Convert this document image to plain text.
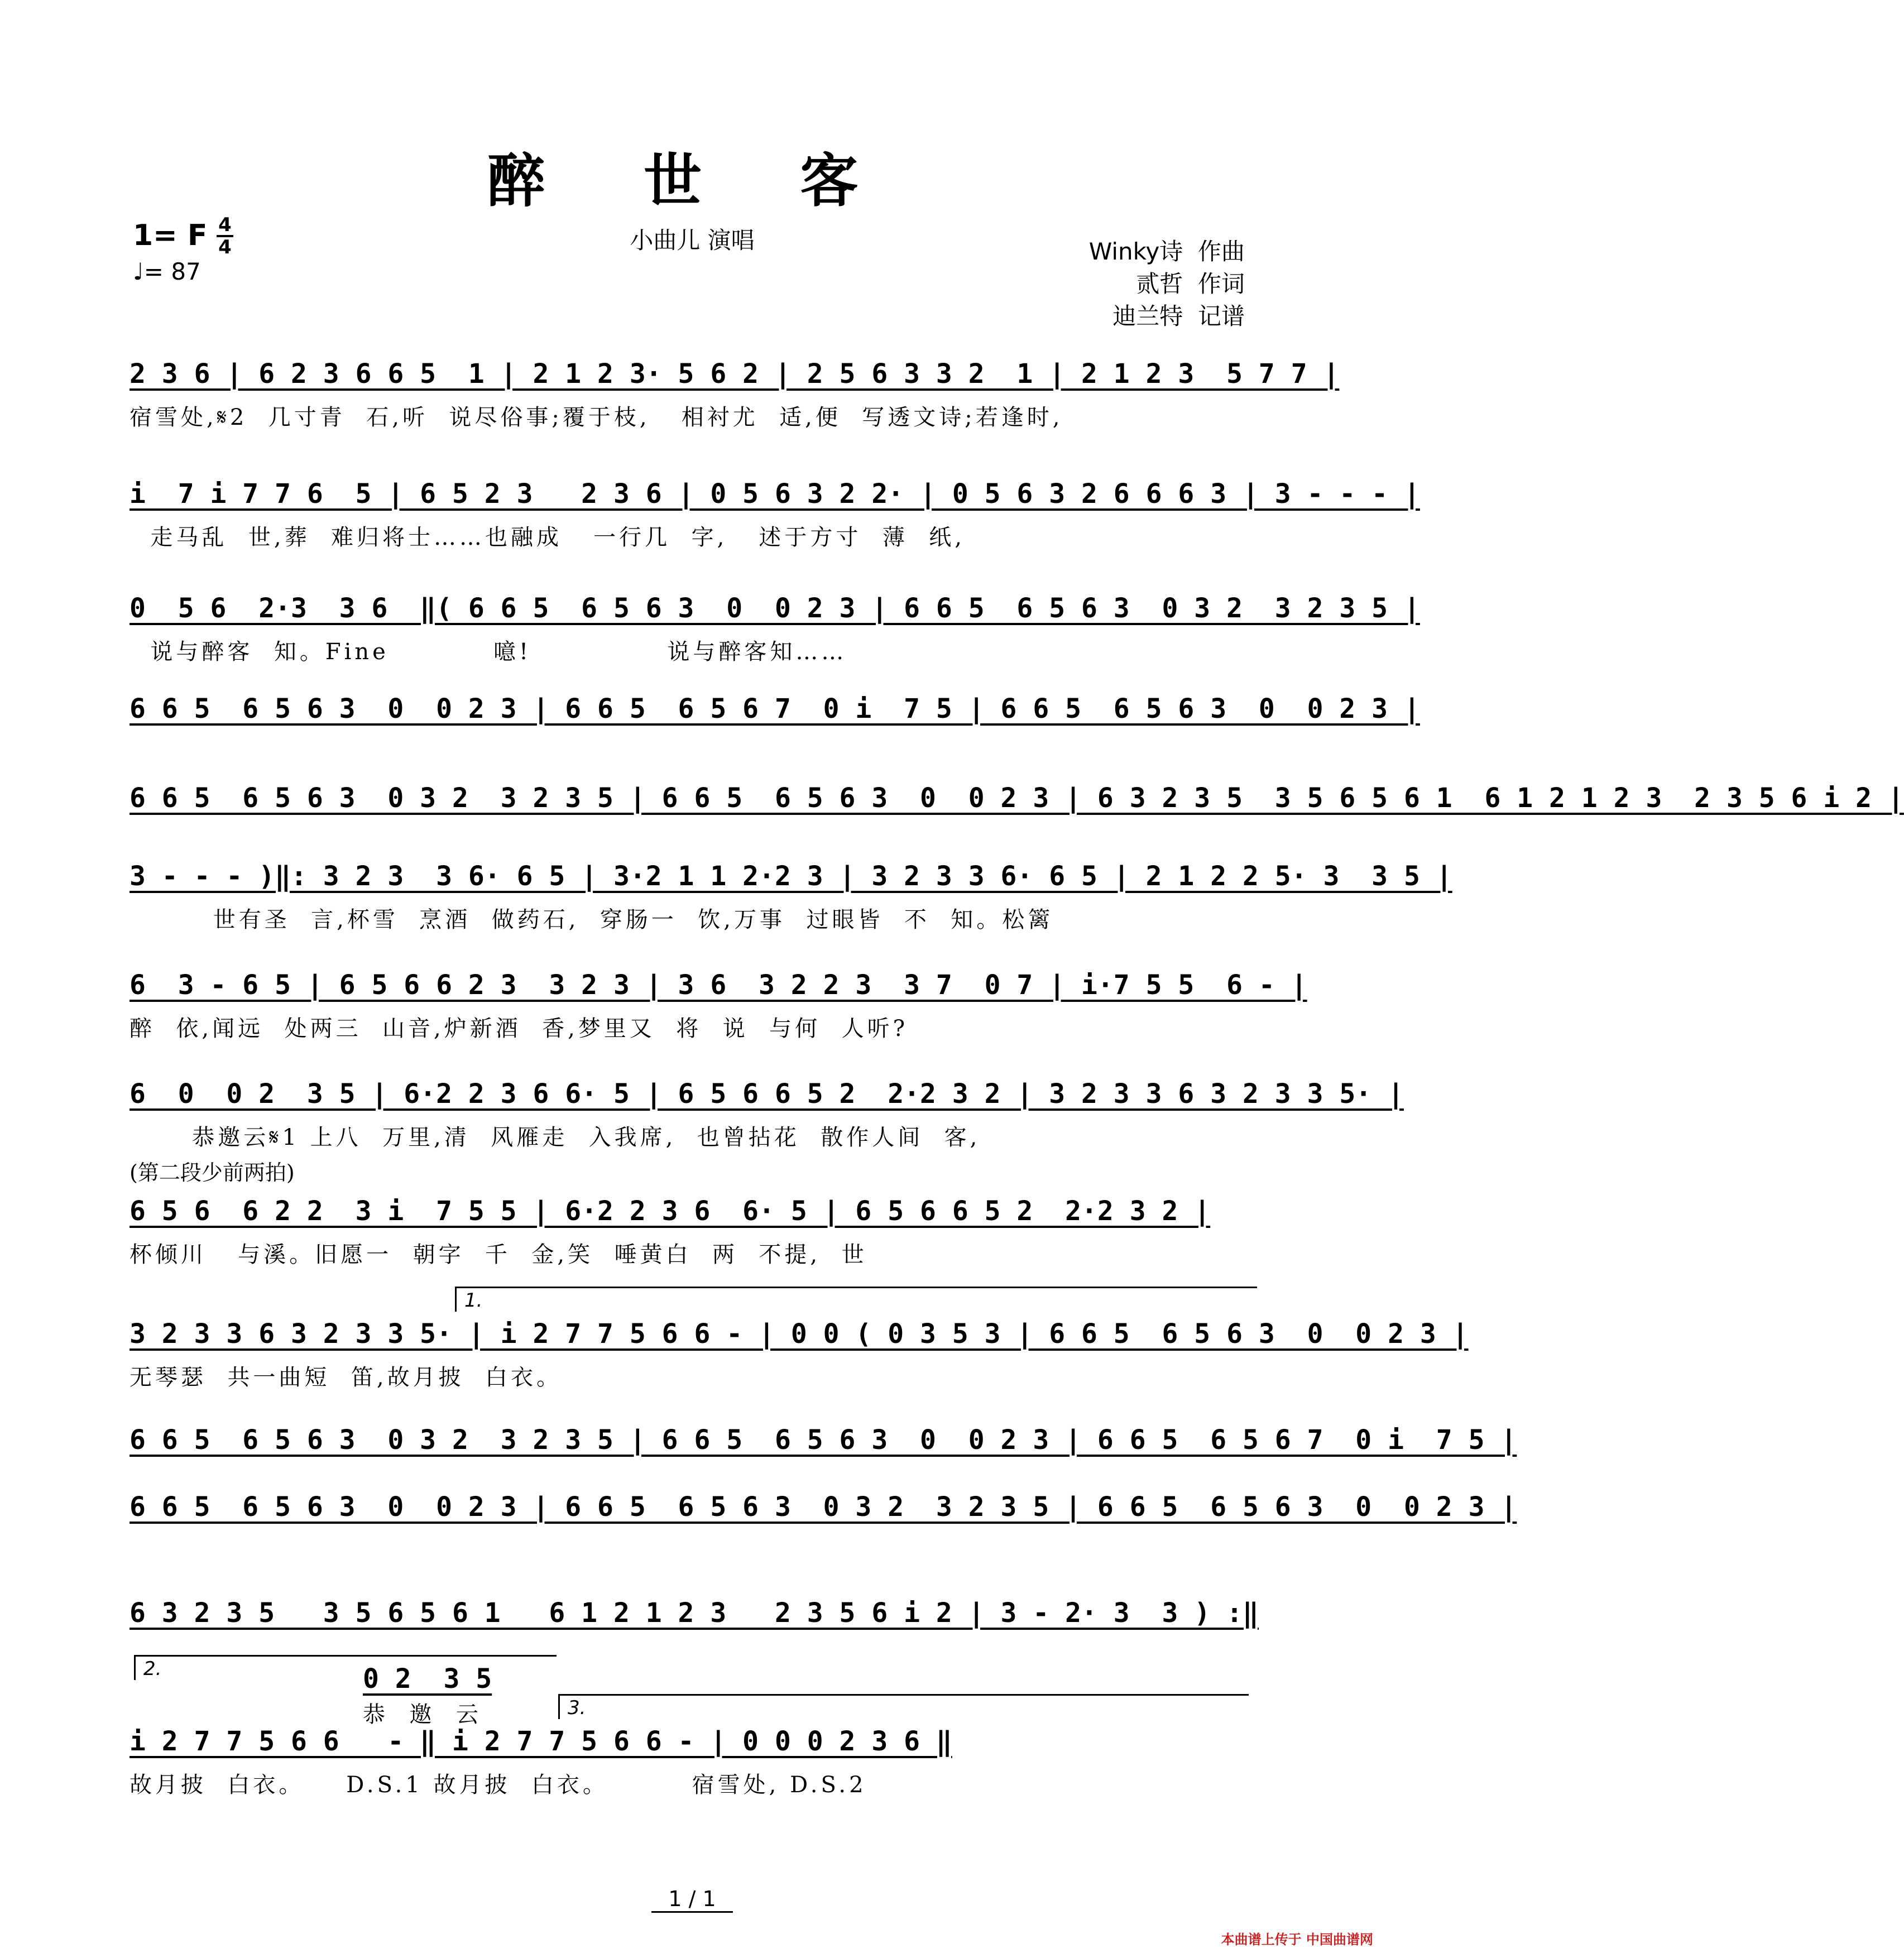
醉 世 客
小曲儿 演唱
1= F 4
4
♩= 87
Winky诗  作曲
贰哲  作词
迪兰特  记谱
2 3 6 | 6 2 3 6 6 5  1 | 2 1 2 3· 5 6 2 | 2 5 6 3 3 2  1 | 2 1 2 3  5 7 7 |
宿雪处,𝄋2  几寸青  石,听  说尽俗事;覆于枝,   相衬尤  适,便  写透文诗;若逢时,
i  7 i 7 7 6  5 | 6 5 2 3   2 3 6 | 0 5 6 3 2 2· | 0 5 6 3 2 6 6 6 3 | 3 - - - |
走马乱  世,葬  难归将士……也融成   一行几  字,   述于方寸  薄  纸,
0  5 6  2·3  3 6  ‖( 6 6 5  6 5 6 3  0  0 2 3 | 6 6 5  6 5 6 3  0 3 2  3 2 3 5 |
说与醉客  知。Fine          噫!             说与醉客知……
6 6 5  6 5 6 3  0  0 2 3 | 6 6 5  6 5 6 7  0 i  7 5 | 6 6 5  6 5 6 3  0  0 2 3 |
6 6 5  6 5 6 3  0 3 2  3 2 3 5 | 6 6 5  6 5 6 3  0  0 2 3 | 6 3 2 3 5  3 5 6 5 6 1  6 1 2 1 2 3  2 3 5 6 i 2 |
3 - - - )‖: 3 2 3  3 6· 6 5 | 3·2 1 1 2·2 3 | 3 2 3 3 6· 6 5 | 2 1 2 2 5· 3  3 5 |
世有圣  言,杯雪  烹酒  做药石,  穿肠一  饮,万事  过眼皆  不  知。松篱
6  3 - 6 5 | 6 5 6 6 2 3  3 2 3 | 3 6  3 2 2 3  3 7  0 7 | i·7 5 5  6 - |
醉  依,闻远  处两三  山音,炉新酒  香,梦里又  将  说  与何  人听?
6  0  0 2  3 5 | 6·2 2 3 6 6· 5 | 6 5 6 6 5 2  2·2 3 2 | 3 2 3 3 6 3 2 3 3 5· |
恭邀云𝄋1 上八  万里,清  风雁走  入我席,  也曾拈花  散作人间  客,
(第二段少前两拍)
6 5 6  6 2 2  3 i  7 5 5 | 6·2 2 3 6  6· 5 | 6 5 6 6 5 2  2·2 3 2 |
杯倾川   与溪。旧愿一  朝字  千  金,笑  唾黄白  两  不提,  世
1.
3 2 3 3 6 3 2 3 3 5· | i 2 7 7 5 6 6 - | 0 0 ( 0 3 5 3 | 6 6 5  6 5 6 3  0  0 2 3 |
无琴瑟  共一曲短  笛,故月披  白衣。
6 6 5  6 5 6 3  0 3 2  3 2 3 5 | 6 6 5  6 5 6 3  0  0 2 3 | 6 6 5  6 5 6 7  0 i  7 5 |
6 6 5  6 5 6 3  0  0 2 3 | 6 6 5  6 5 6 3  0 3 2  3 2 3 5 | 6 6 5  6 5 6 3  0  0 2 3 |
6 3 2 3 5   3 5 6 5 6 1   6 1 2 1 2 3   2 3 5 6 i 2 | 3 - 2· 3  3 ) :‖
2.	0 2  3 5
恭  邀  云	3.
i 2 7 7 5 6 6   - ‖ i 2 7 7 5 6 6 - | 0 0 0 2 3 6 ‖
故月披  白衣。    D.S.1 故月披  白衣。        宿雪处, D.S.2
1 / 1
本曲谱上传于 中国曲谱网
